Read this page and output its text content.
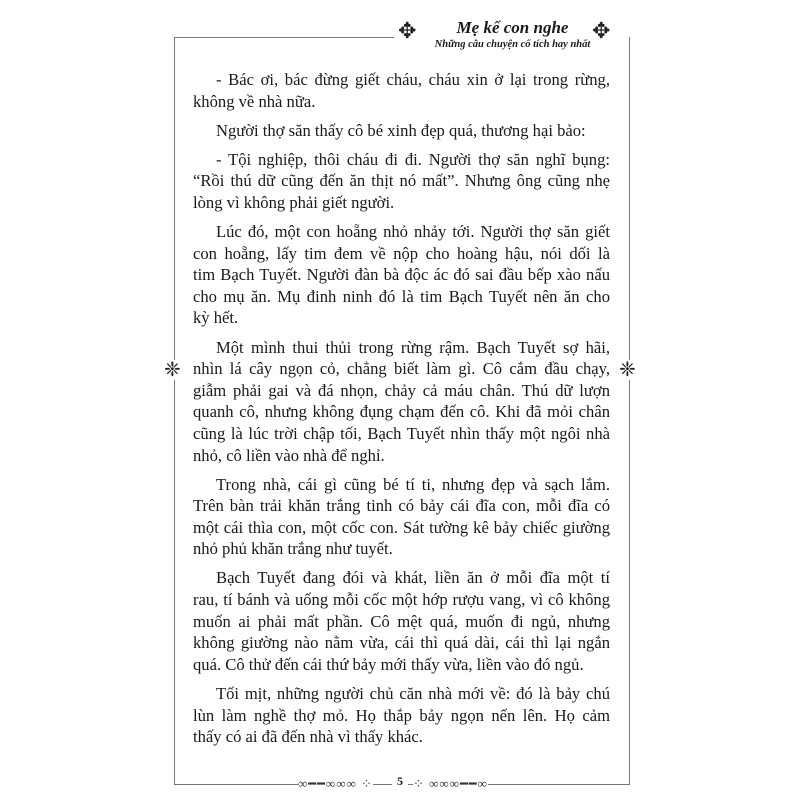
✥	✥
❈	❈
Mẹ kể con nghe
Những câu chuyện cổ tích hay nhất
- Bác ơi, bác đừng giết cháu, cháu xin ở lại trong rừng,
không về nhà nữa.
Người thợ săn thấy cô bé xinh đẹp quá, thương hại bảo:
- Tội nghiệp, thôi cháu đi đi. Người thợ săn nghĩ bụng:
“Rồi thú dữ cũng đến ăn thịt nó mất”. Nhưng ông cũng nhẹ
lòng vì không phải giết người.
Lúc đó, một con hoẵng nhỏ nhảy tới. Người thợ săn giết
con hoẵng, lấy tim đem về nộp cho hoàng hậu, nói dối là
tim Bạch Tuyết. Người đàn bà độc ác đó sai đầu bếp xào nấu
cho mụ ăn. Mụ đinh ninh đó là tim Bạch Tuyết nên ăn cho
kỳ hết.
Một mình thui thủi trong rừng rậm. Bạch Tuyết sợ hãi,
nhìn lá cây ngọn cỏ, chẳng biết làm gì. Cô cắm đầu chạy,
giẫm phải gai và đá nhọn, chảy cả máu chân. Thú dữ lượn
quanh cô, nhưng không đụng chạm đến cô. Khi đã mỏi chân
cũng là lúc trời chập tối, Bạch Tuyết nhìn thấy một ngôi nhà
nhỏ, cô liền vào nhà để nghỉ.
Trong nhà, cái gì cũng bé tí ti, nhưng đẹp và sạch lắm.
Trên bàn trải khăn trắng tinh có bảy cái đĩa con, mỗi đĩa có
một cái thìa con, một cốc con. Sát tường kê bảy chiếc giường
nhỏ phủ khăn trắng như tuyết.
Bạch Tuyết đang đói và khát, liền ăn ở mỗi đĩa một tí
rau, tí bánh và uống mỗi cốc một hớp rượu vang, vì cô không
muốn ai phải mất phần. Cô mệt quá, muốn đi ngủ, nhưng
không giường nào nằm vừa, cái thì quá dài, cái thì lại ngắn
quá. Cô thử đến cái thứ bảy mới thấy vừa, liền vào đó ngủ.
Tối mịt, những người chủ căn nhà mới về: đó là bảy chú
lùn làm nghề thợ mỏ. Họ thắp bảy ngọn nến lên. Họ cảm
thấy có ai đã đến nhà vì thấy khác.
∞━━∞∞∞ ⁘	5 ⁘ ∞∞∞━━∞
